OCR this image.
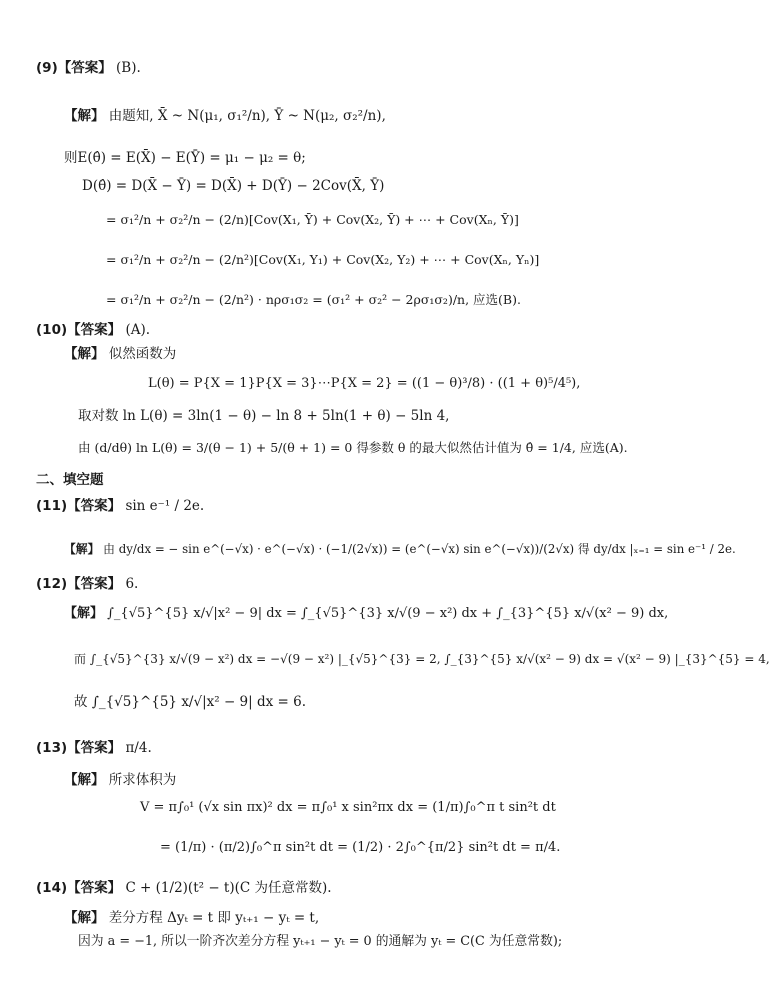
(9)【答案】 (B).
【解】 由题知, X̄ ~ N(μ₁, σ₁²/n), Ȳ ~ N(μ₂, σ₂²/n),
则E(θ̂) = E(X̄) − E(Ȳ) = μ₁ − μ₂ = θ;
D(θ̂) = D(X̄ − Ȳ) = D(X̄) + D(Ȳ) − 2Cov(X̄, Ȳ)
= σ₁²/n + σ₂²/n − (2/n)[Cov(X₁, Ȳ) + Cov(X₂, Ȳ) + ⋯ + Cov(Xₙ, Ȳ)]
= σ₁²/n + σ₂²/n − (2/n²)[Cov(X₁, Y₁) + Cov(X₂, Y₂) + ⋯ + Cov(Xₙ, Yₙ)]
= σ₁²/n + σ₂²/n − (2/n²) · nρσ₁σ₂ = (σ₁² + σ₂² − 2ρσ₁σ₂)/n, 应选(B).
(10)【答案】 (A).
【解】 似然函数为
L(θ) = P{X = 1}P{X = 3}⋯P{X = 2} = ((1 − θ)³/8) · ((1 + θ)⁵/4⁵),
取对数 ln L(θ) = 3ln(1 − θ) − ln 8 + 5ln(1 + θ) − 5ln 4,
由 (d/dθ) ln L(θ) = 3/(θ − 1) + 5/(θ + 1) = 0 得参数 θ 的最大似然估计值为 θ̂ = 1/4, 应选(A).
二、填空题
(11)【答案】 sin e⁻¹ / 2e.
【解】 由 dy/dx = − sin e^(−√x) · e^(−√x) · (−1/(2√x)) = (e^(−√x) sin e^(−√x))/(2√x) 得 dy/dx |ₓ₌₁ = sin e⁻¹ / 2e.
(12)【答案】 6.
【解】 ∫_{√5}^{5} x/√|x² − 9| dx = ∫_{√5}^{3} x/√(9 − x²) dx + ∫_{3}^{5} x/√(x² − 9) dx,
而 ∫_{√5}^{3} x/√(9 − x²) dx = −√(9 − x²) |_{√5}^{3} = 2, ∫_{3}^{5} x/√(x² − 9) dx = √(x² − 9) |_{3}^{5} = 4,
故 ∫_{√5}^{5} x/√|x² − 9| dx = 6.
(13)【答案】 π/4.
【解】 所求体积为
V = π∫₀¹ (√x sin πx)² dx = π∫₀¹ x sin²πx dx = (1/π)∫₀^π t sin²t dt
= (1/π) · (π/2)∫₀^π sin²t dt = (1/2) · 2∫₀^{π/2} sin²t dt = π/4.
(14)【答案】 C + (1/2)(t² − t)(C 为任意常数).
【解】 差分方程 Δyₜ = t 即 yₜ₊₁ − yₜ = t,
因为 a = −1, 所以一阶齐次差分方程 yₜ₊₁ − yₜ = 0 的通解为 yₜ = C(C 为任意常数);
